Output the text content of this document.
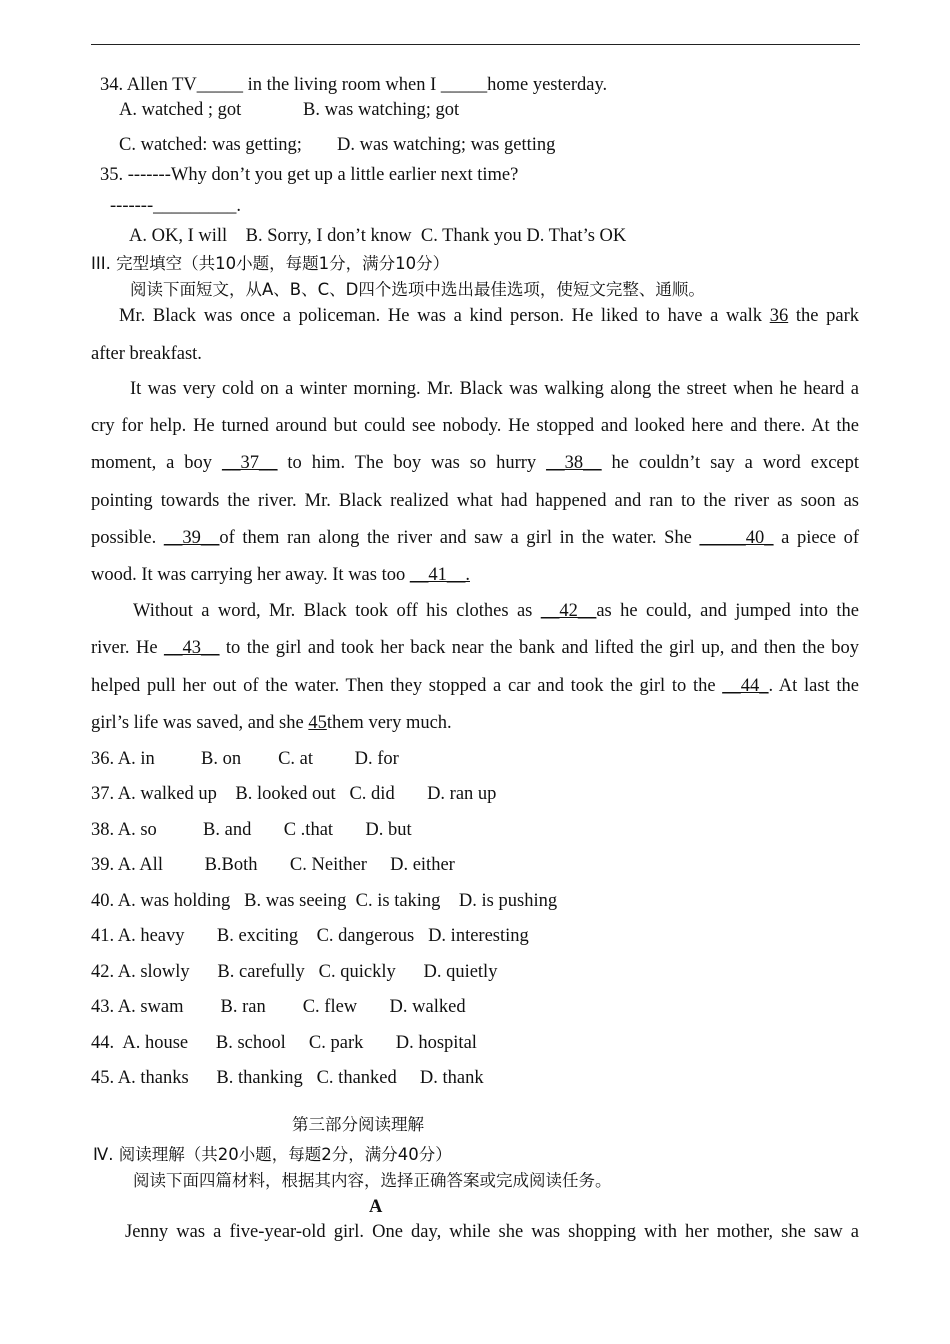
34. Allen TV_____ in the living room when I _____home yesterday.
A. watched ; got	B. was watching; got
C. watched: was getting; D. was watching; was getting
35. -------Why don’t you get up a little earlier next time?
-------_________.
A. OK, I will    B. Sorry, I don’t know  C. Thank you D. That’s OK
III. 完型填空（共10小题，每题1分，满分10分）
阅读下面短文，从A、B、C、D四个选项中选出最佳选项，使短文完整、通顺。
Mr. Black was once a policeman. He was a kind person. He liked to have a walk 36 the park
after breakfast.
It was very cold on a winter morning. Mr. Black was walking along the street when he heard a
cry for help. He turned around but could see nobody. He stopped and looked here and there. At the
moment, a boy __37__ to him. The boy was so hurry __38__ he couldn’t say a word except
pointing towards the river. Mr. Black realized what had happened and ran to the river as soon as
possible. __39__of them ran along the river and saw a girl in the water. She _____40_ a piece of
wood. It was carrying her away. It was too __41__.
Without a word, Mr. Black took off his clothes as __42__as he could, and jumped into the
river. He __43__ to the girl and took her back near the bank and lifted the girl up, and then the boy
helped pull her out of the water. Then they stopped a car and took the girl to the __44_. At last the
girl’s life was saved, and she 45them very much.
36. A. in          B. on        C. at         D. for
37. A. walked up    B. looked out   C. did       D. ran up
38. A. so          B. and       C .that       D. but
39. A. All         B.Both       C. Neither     D. either
40. A. was holding   B. was seeing  C. is taking    D. is pushing
41. A. heavy       B. exciting    C. dangerous   D. interesting
42. A. slowly      B. carefully   C. quickly      D. quietly
43. A. swam        B. ran        C. flew       D. walked
44.  A. house      B. school     C. park       D. hospital
45. A. thanks      B. thanking   C. thanked     D. thank
第三部分阅读理解
Ⅳ. 阅读理解（共20小题，每题2分，满分40分）
阅读下面四篇材料，根据其内容，选择正确答案或完成阅读任务。
A
Jenny was a five-year-old girl. One day, while she was shopping with her mother, she saw a
